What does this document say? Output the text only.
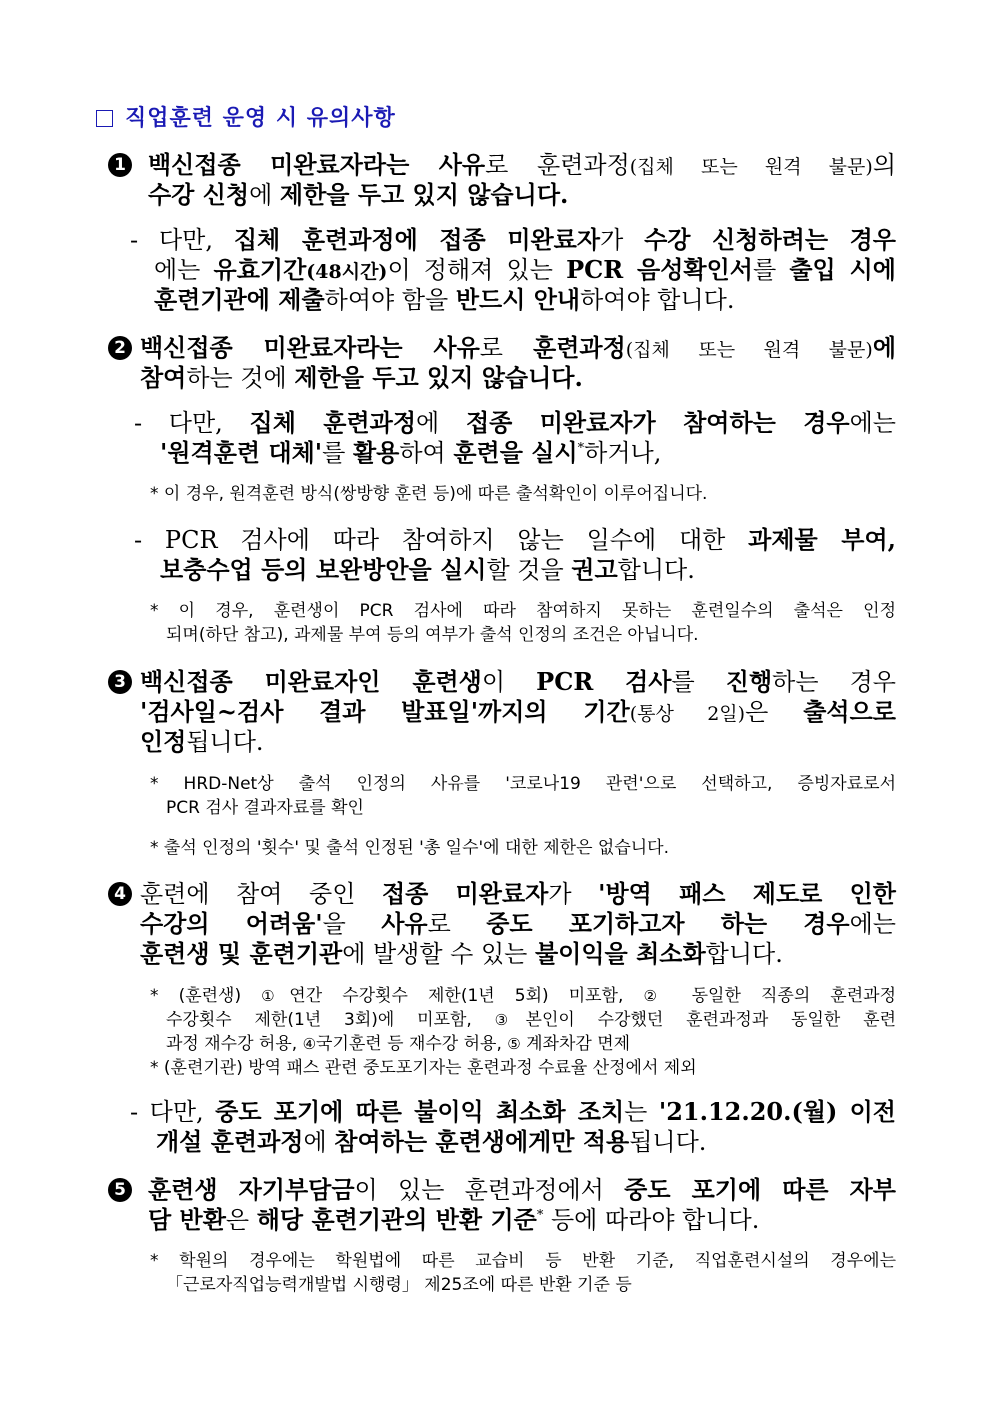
직업훈련 운영 시 유의사항
1 백신접종 미완료자라는 사유로 훈련과정(집체 또는 원격 불문)의
수강 신청에 제한을 두고 있지 않습니다.
- 다만, 집체 훈련과정에 접종 미완료자가 수강 신청하려는 경우
에는 유효기간(48시간)이 정해져 있는 PCR 음성확인서를 출입 시에
훈련기관에 제출하여야 함을 반드시 안내하여야 합니다.
2 백신접종 미완료자라는 사유로 훈련과정(집체 또는 원격 불문)에
참여하는 것에 제한을 두고 있지 않습니다.
- 다만, 집체 훈련과정에 접종 미완료자가 참여하는 경우에는
'원격훈련 대체'를 활용하여 훈련을 실시*하거나,
* 이 경우, 원격훈련 방식(쌍방향 훈련 등)에 따른 출석확인이 이루어집니다.
- PCR 검사에 따라 참여하지 않는 일수에 대한 과제물 부여,
보충수업 등의 보완방안을 실시할 것을 권고합니다.
* 이 경우, 훈련생이 PCR 검사에 따라 참여하지 못하는 훈련일수의 출석은 인정
되며(하단 참고), 과제물 부여 등의 여부가 출석 인정의 조건은 아닙니다.
3 백신접종 미완료자인 훈련생이 PCR 검사를 진행하는 경우
'검사일~검사 결과 발표일'까지의 기간(통상 2일)은 출석으로
인정됩니다.
* HRD-Net상 출석 인정의 사유를 '코로나19 관련'으로 선택하고, 증빙자료로서
PCR 검사 결과자료를 확인
* 출석 인정의 '횟수' 및 출석 인정된 '총 일수'에 대한 제한은 없습니다.
4 훈련에 참여 중인 접종 미완료자가 '방역 패스 제도로 인한
수강의 어려움'을 사유로 중도 포기하고자 하는 경우에는
훈련생 및 훈련기관에 발생할 수 있는 불이익을 최소화합니다.
* (훈련생) ①연간 수강횟수 제한(1년 5회) 미포함, ② 동일한 직종의 훈련과정
수강횟수 제한(1년 3회)에 미포함, ③본인이 수강했던 훈련과정과 동일한 훈련
과정 재수강 허용, ④국기훈련 등 재수강 허용, ⑤ 계좌차감 면제
* (훈련기관) 방역 패스 관련 중도포기자는 훈련과정 수료율 산정에서 제외
- 다만, 중도 포기에 따른 불이익 최소화 조치는 '21.12.20.(월) 이전
개설 훈련과정에 참여하는 훈련생에게만 적용됩니다.
5 훈련생 자기부담금이 있는 훈련과정에서 중도 포기에 따른 자부
담 반환은 해당 훈련기관의 반환 기준* 등에 따라야 합니다.
* 학원의 경우에는 학원법에 따른 교습비 등 반환 기준, 직업훈련시설의 경우에는
「근로자직업능력개발법 시행령」 제25조에 따른 반환 기준 등
